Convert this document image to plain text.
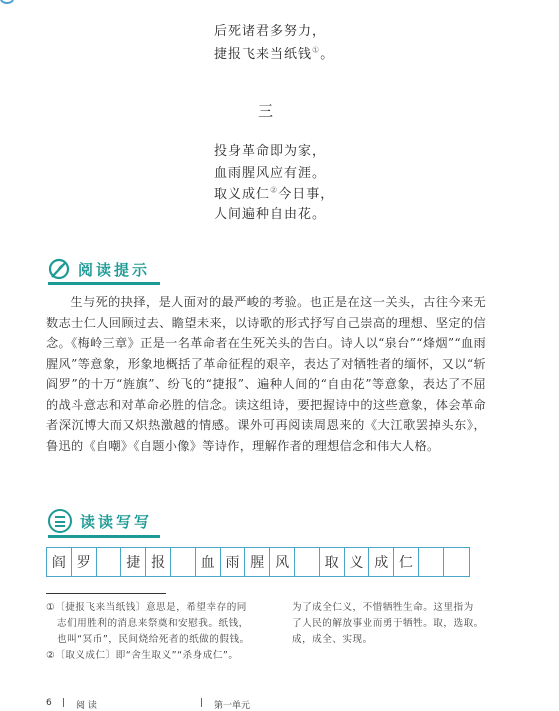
后死诸君多努力，
捷报飞来当纸钱①。
三
投身革命即为家，
血雨腥风应有涯。
取义成仁②今日事，
人间遍种自由花。
阅读提示
生与死的抉择，是人面对的最严峻的考验。也正是在这一关头，古往今来无数志士仁人回顾过去、瞻望未来，以诗歌的形式抒写自己崇高的理想、坚定的信念。《梅岭三章》正是一名革命者在生死关头的告白。诗人以“泉台”“烽烟”“血雨腥风”等意象，形象地概括了革命征程的艰辛，表达了对牺牲者的缅怀，又以“斩阎罗”的十万“旌旗”、纷飞的“捷报”、遍种人间的“自由花”等意象，表达了不屈的战斗意志和对革命必胜的信念。读这组诗，要把握诗中的这些意象，体会革命者深沉博大而又炽热激越的情感。课外可再阅读周恩来的《大江歌罢掉头东》，鲁迅的《自嘲》《自题小像》等诗作，理解作者的理想信念和伟大人格。
读读写写
阎 罗	捷 报	血 雨 腥 风	取 义 成 仁
①〔捷报飞来当纸钱〕意思是，希望幸存的同
志们用胜利的消息来祭奠和安慰我。纸钱，
也叫“冥币”，民间烧给死者的纸做的假钱。
②〔取义成仁〕即“舍生取义”“杀身成仁”。
为了成全仁义，不惜牺牲生命。这里指为
了人民的解放事业而勇于牺牲。取，选取。
成，成全、实现。
6 | 阅 读	| 第一单元
